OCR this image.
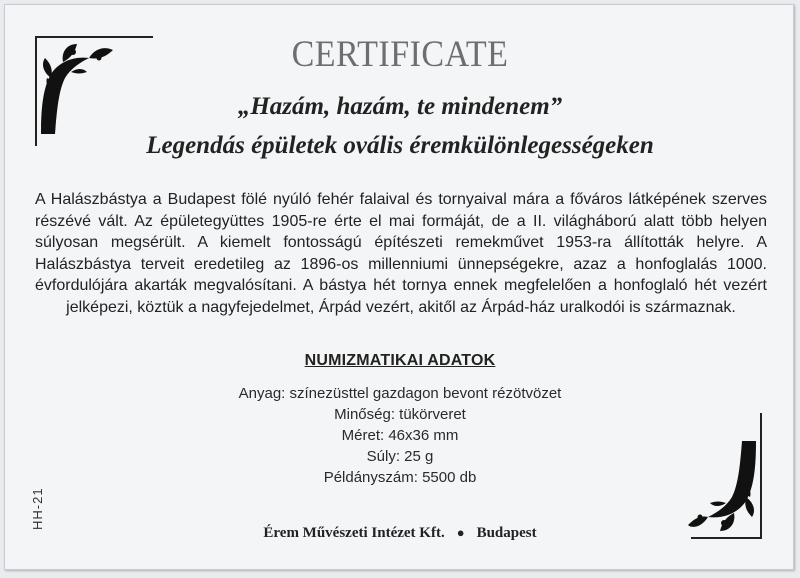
CERTIFICATE
„Hazám, hazám, te mindenem”
Legendás épületek ovális éremkülönlegességeken
A Halászbástya a Budapest fölé nyúló fehér falaival és tornyaival mára a főváros látképének szerves részévé vált. Az épületegyüttes 1905-re érte el mai formáját, de a II. világháború alatt több helyen súlyosan megsérült. A kiemelt fontosságú építészeti remekművet 1953-ra állították helyre. A Halászbástya terveit eredetileg az 1896-os millenniumi ünnepségekre, azaz a honfoglalás 1000. évfordulójára akarták megvalósítani. A bástya hét tornya ennek megfelelően a honfoglaló hét vezért jelképezi, köztük a nagyfejedelmet, Árpád vezért, akitől az Árpád-ház uralkodói is származnak.
NUMIZMATIKAI ADATOK
Anyag: színezüsttel gazdagon bevont rézötvözet
Minőség: tükörveret
Méret: 46x36 mm
Súly: 25 g
Példányszám: 5500 db
Érem Művészeti Intézet Kft. ● Budapest
HH-21
